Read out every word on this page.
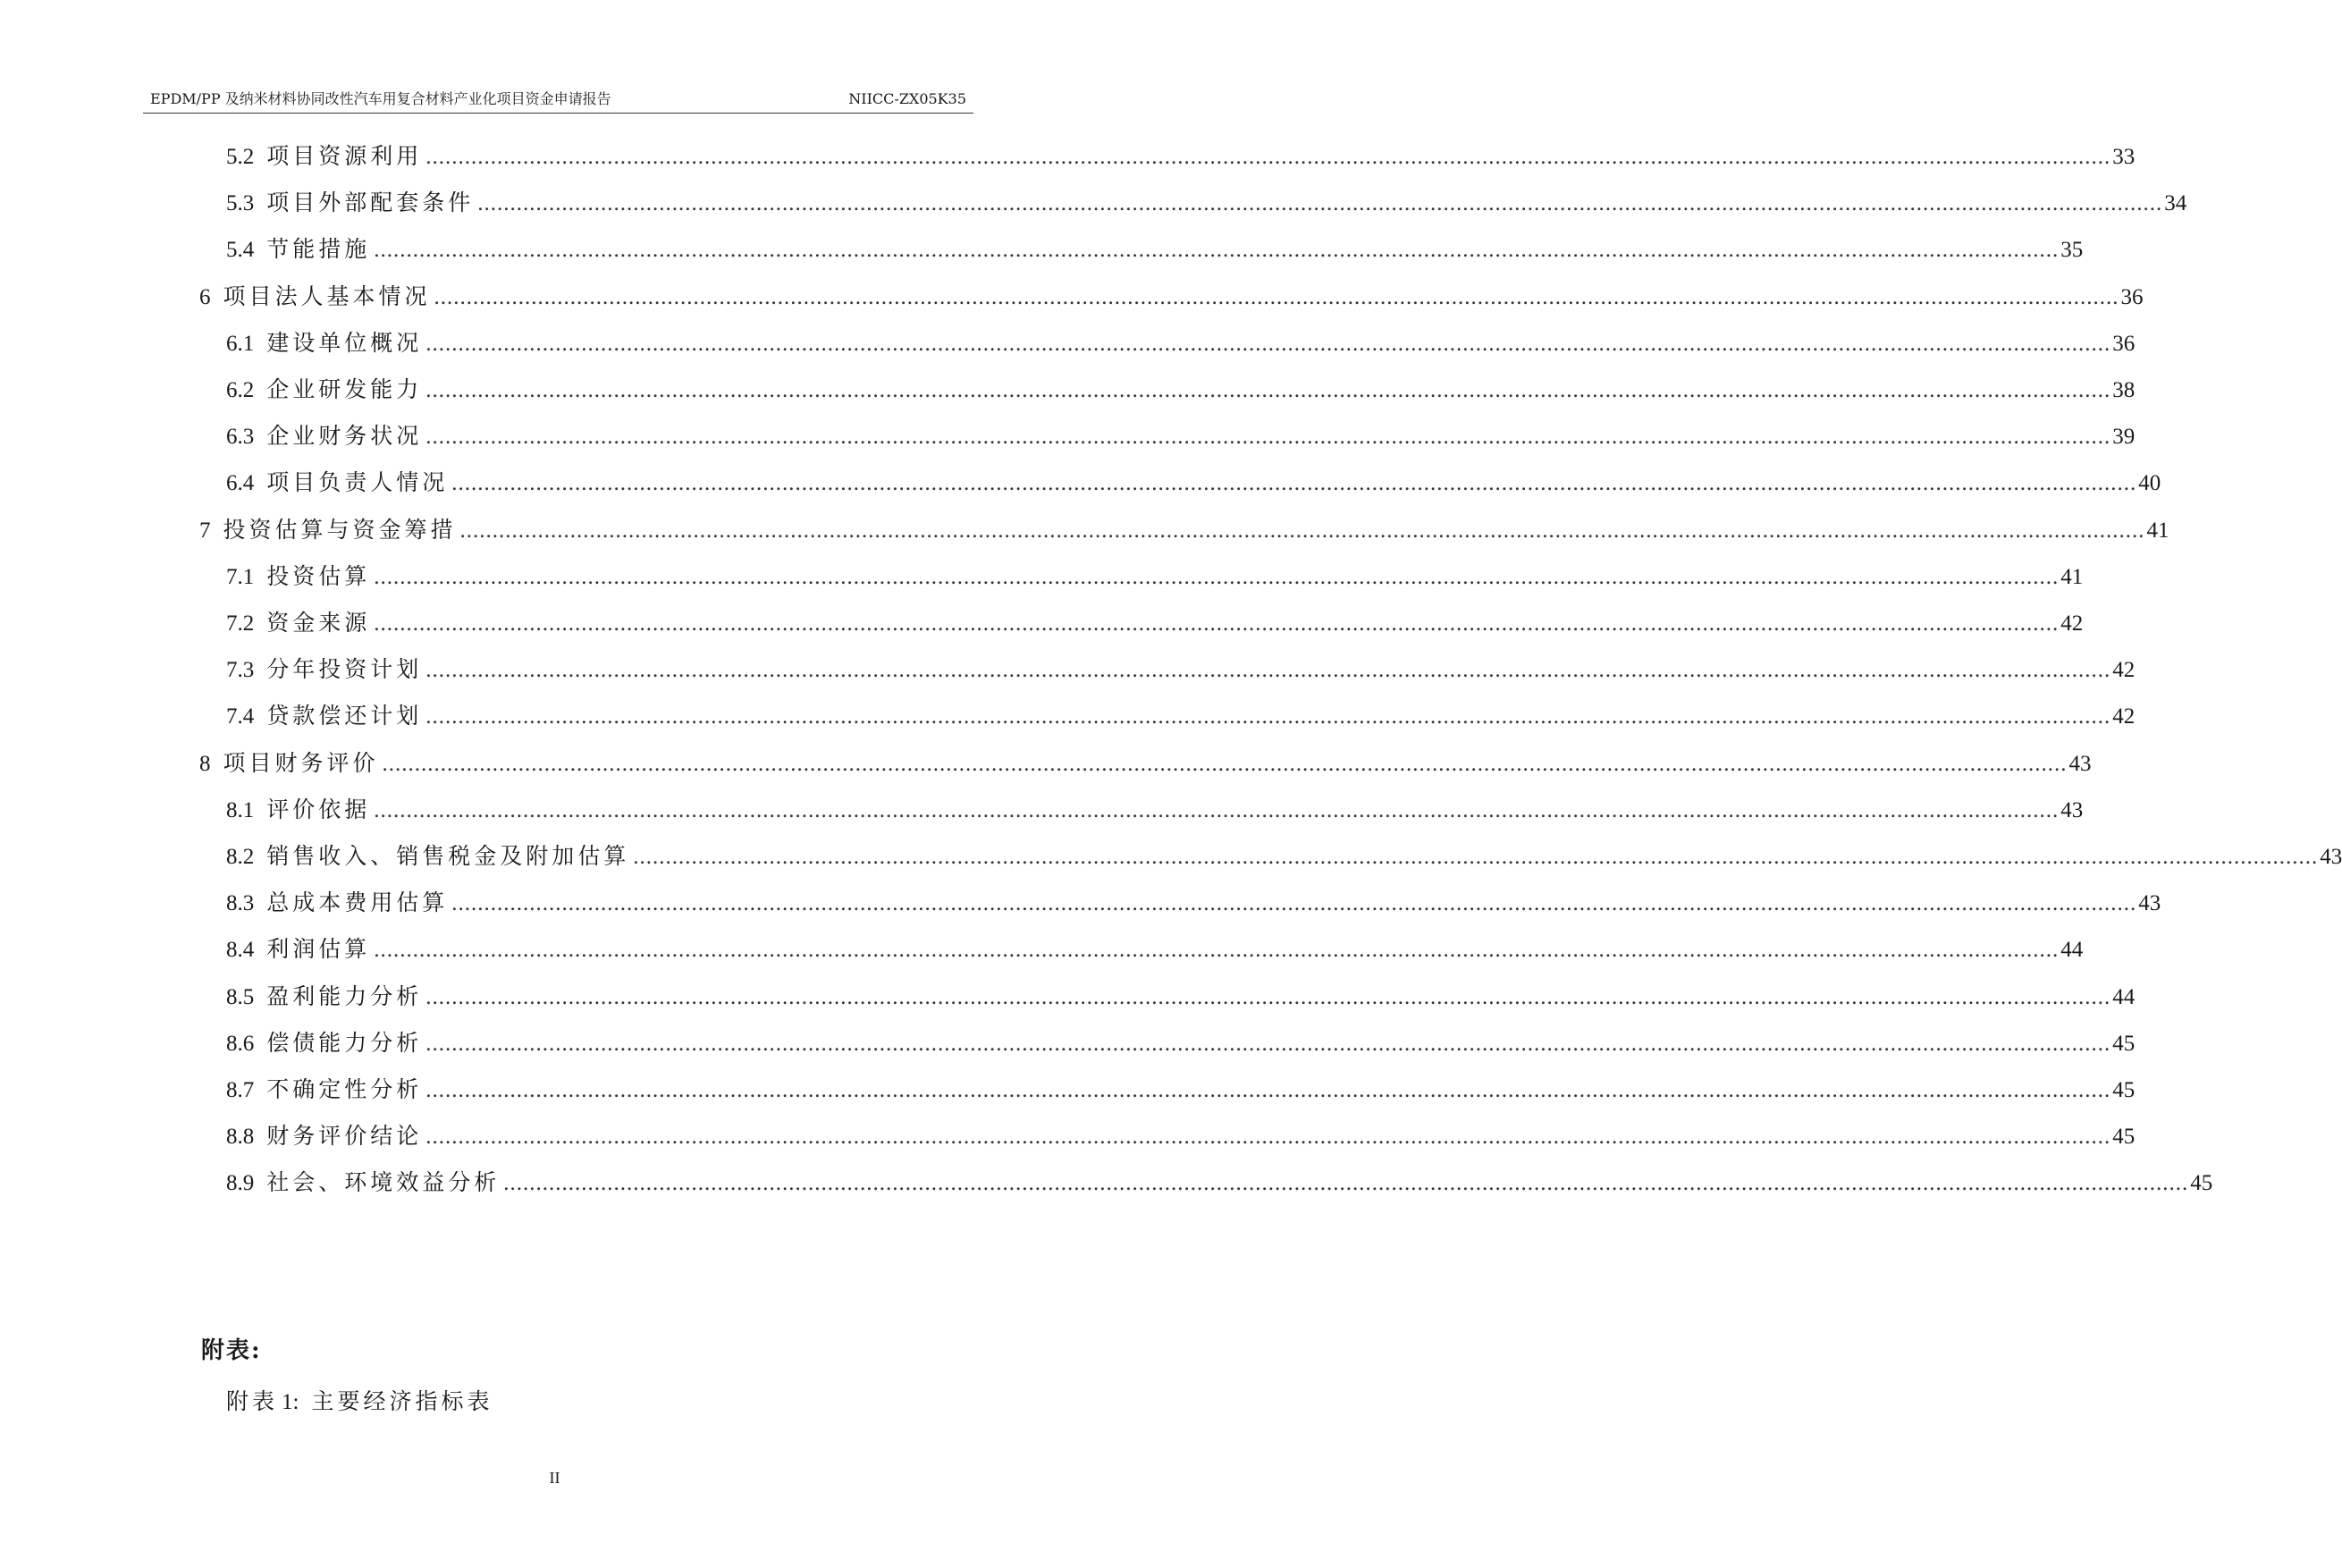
EPDM/PP 及纳米材料协同改性汽车用复合材料产业化项目资金申请报告	NIICC-ZX05K35
5.2 项目资源利用 .................................................................................................................................................................................................................................................................... 33
5.3 项目外部配套条件 .................................................................................................................................................................................................................................................................... 34
5.4 节能措施 .................................................................................................................................................................................................................................................................... 35
6 项目法人基本情况 .................................................................................................................................................................................................................................................................... 36
6.1 建设单位概况 .................................................................................................................................................................................................................................................................... 36
6.2 企业研发能力 .................................................................................................................................................................................................................................................................... 38
6.3 企业财务状况 .................................................................................................................................................................................................................................................................... 39
6.4 项目负责人情况 .................................................................................................................................................................................................................................................................... 40
7 投资估算与资金筹措 .................................................................................................................................................................................................................................................................... 41
7.1 投资估算 .................................................................................................................................................................................................................................................................... 41
7.2 资金来源 .................................................................................................................................................................................................................................................................... 42
7.3 分年投资计划 .................................................................................................................................................................................................................................................................... 42
7.4 贷款偿还计划 .................................................................................................................................................................................................................................................................... 42
8 项目财务评价 .................................................................................................................................................................................................................................................................... 43
8.1 评价依据 .................................................................................................................................................................................................................................................................... 43
8.2 销售收入、销售税金及附加估算 .................................................................................................................................................................................................................................................................... 43
8.3 总成本费用估算 .................................................................................................................................................................................................................................................................... 43
8.4 利润估算 .................................................................................................................................................................................................................................................................... 44
8.5 盈利能力分析 .................................................................................................................................................................................................................................................................... 44
8.6 偿债能力分析 .................................................................................................................................................................................................................................................................... 45
8.7 不确定性分析 .................................................................................................................................................................................................................................................................... 45
8.8 财务评价结论 .................................................................................................................................................................................................................................................................... 45
8.9 社会、环境效益分析 .................................................................................................................................................................................................................................................................... 45
附表:
附表 1: 主要经济指标表
II
